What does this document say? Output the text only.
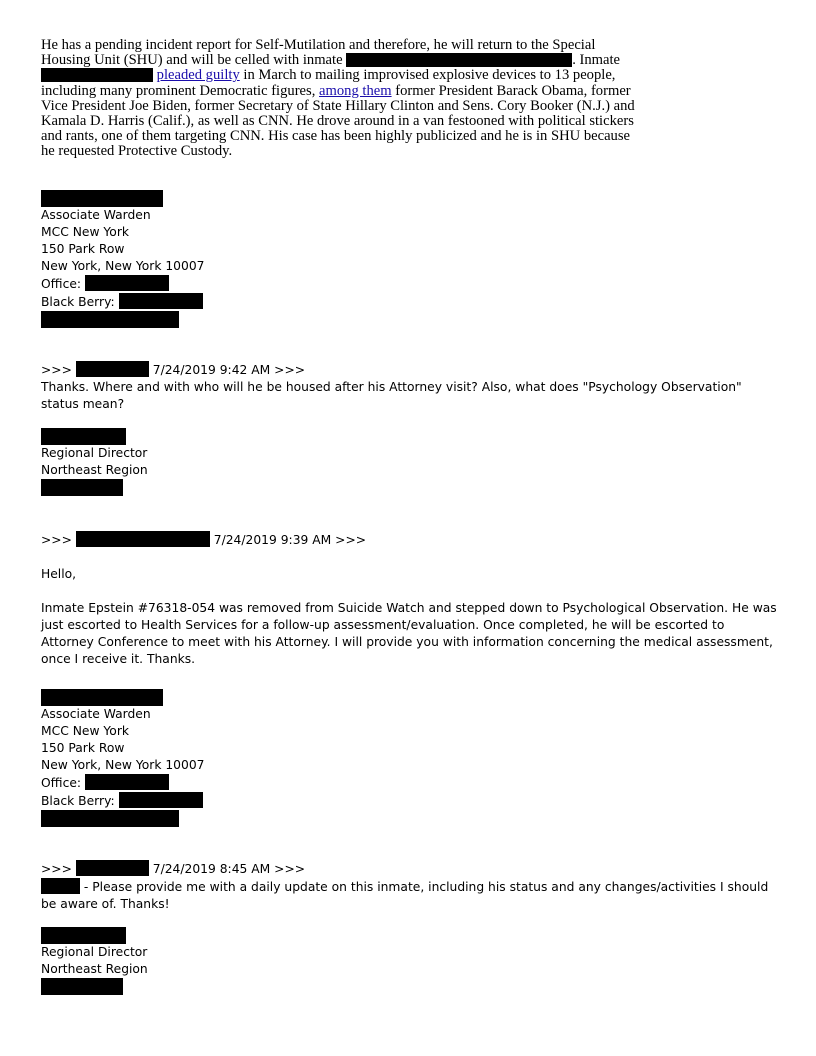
He has a pending incident report for Self-Mutilation and therefore, he will return to the Special Housing Unit (SHU) and will be celled with inmate	. Inmate
pleaded guilty in March to mailing improvised explosive devices to 13 people, including many prominent Democratic figures, among them former President Barack Obama, former Vice President Joe Biden, former Secretary of State Hillary Clinton and Sens. Cory Booker (N.J.) and Kamala D. Harris (Calif.), as well as CNN. He drove around in a van festooned with political stickers and rants, one of them targeting CNN. His case has been highly publicized and he is in SHU because he requested Protective Custody.
Associate Warden
MCC New York
150 Park Row
New York, New York 10007
Office:
Black Berry:
>>>	7/24/2019 9:42 AM >>>
Thanks. Where and with who will he be housed after his Attorney visit? Also, what does "Psychology Observation" status mean?
Regional Director
Northeast Region
>>>	7/24/2019 9:39 AM >>>
Hello,
Inmate Epstein #76318-054 was removed from Suicide Watch and stepped down to Psychological Observation. He was just escorted to Health Services for a follow-up assessment/evaluation. Once completed, he will be escorted to Attorney Conference to meet with his Attorney. I will provide you with information concerning the medical assessment, once I receive it. Thanks.
Associate Warden
MCC New York
150 Park Row
New York, New York 10007
Office:
Black Berry:
>>>	7/24/2019 8:45 AM >>>
- Please provide me with a daily update on this inmate, including his status and any changes/activities I should be aware of. Thanks!
Regional Director
Northeast Region
